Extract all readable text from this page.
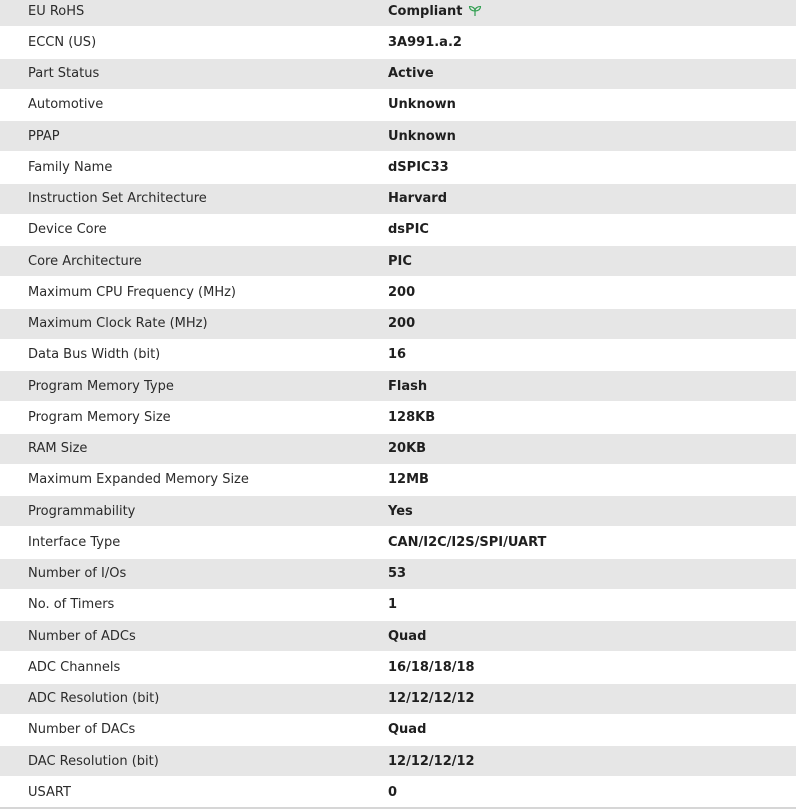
EU RoHS	Compliant
ECCN (US)	3A991.a.2
Part Status	Active
Automotive	Unknown
PPAP	Unknown
Family Name	dSPIC33
Instruction Set Architecture	Harvard
Device Core	dsPIC
Core Architecture	PIC
Maximum CPU Frequency (MHz)	200
Maximum Clock Rate (MHz)	200
Data Bus Width (bit)	16
Program Memory Type	Flash
Program Memory Size	128KB
RAM Size	20KB
Maximum Expanded Memory Size	12MB
Programmability	Yes
Interface Type	CAN/I2C/I2S/SPI/UART
Number of I/Os	53
No. of Timers	1
Number of ADCs	Quad
ADC Channels	16/18/18/18
ADC Resolution (bit)	12/12/12/12
Number of DACs	Quad
DAC Resolution (bit)	12/12/12/12
USART	0
